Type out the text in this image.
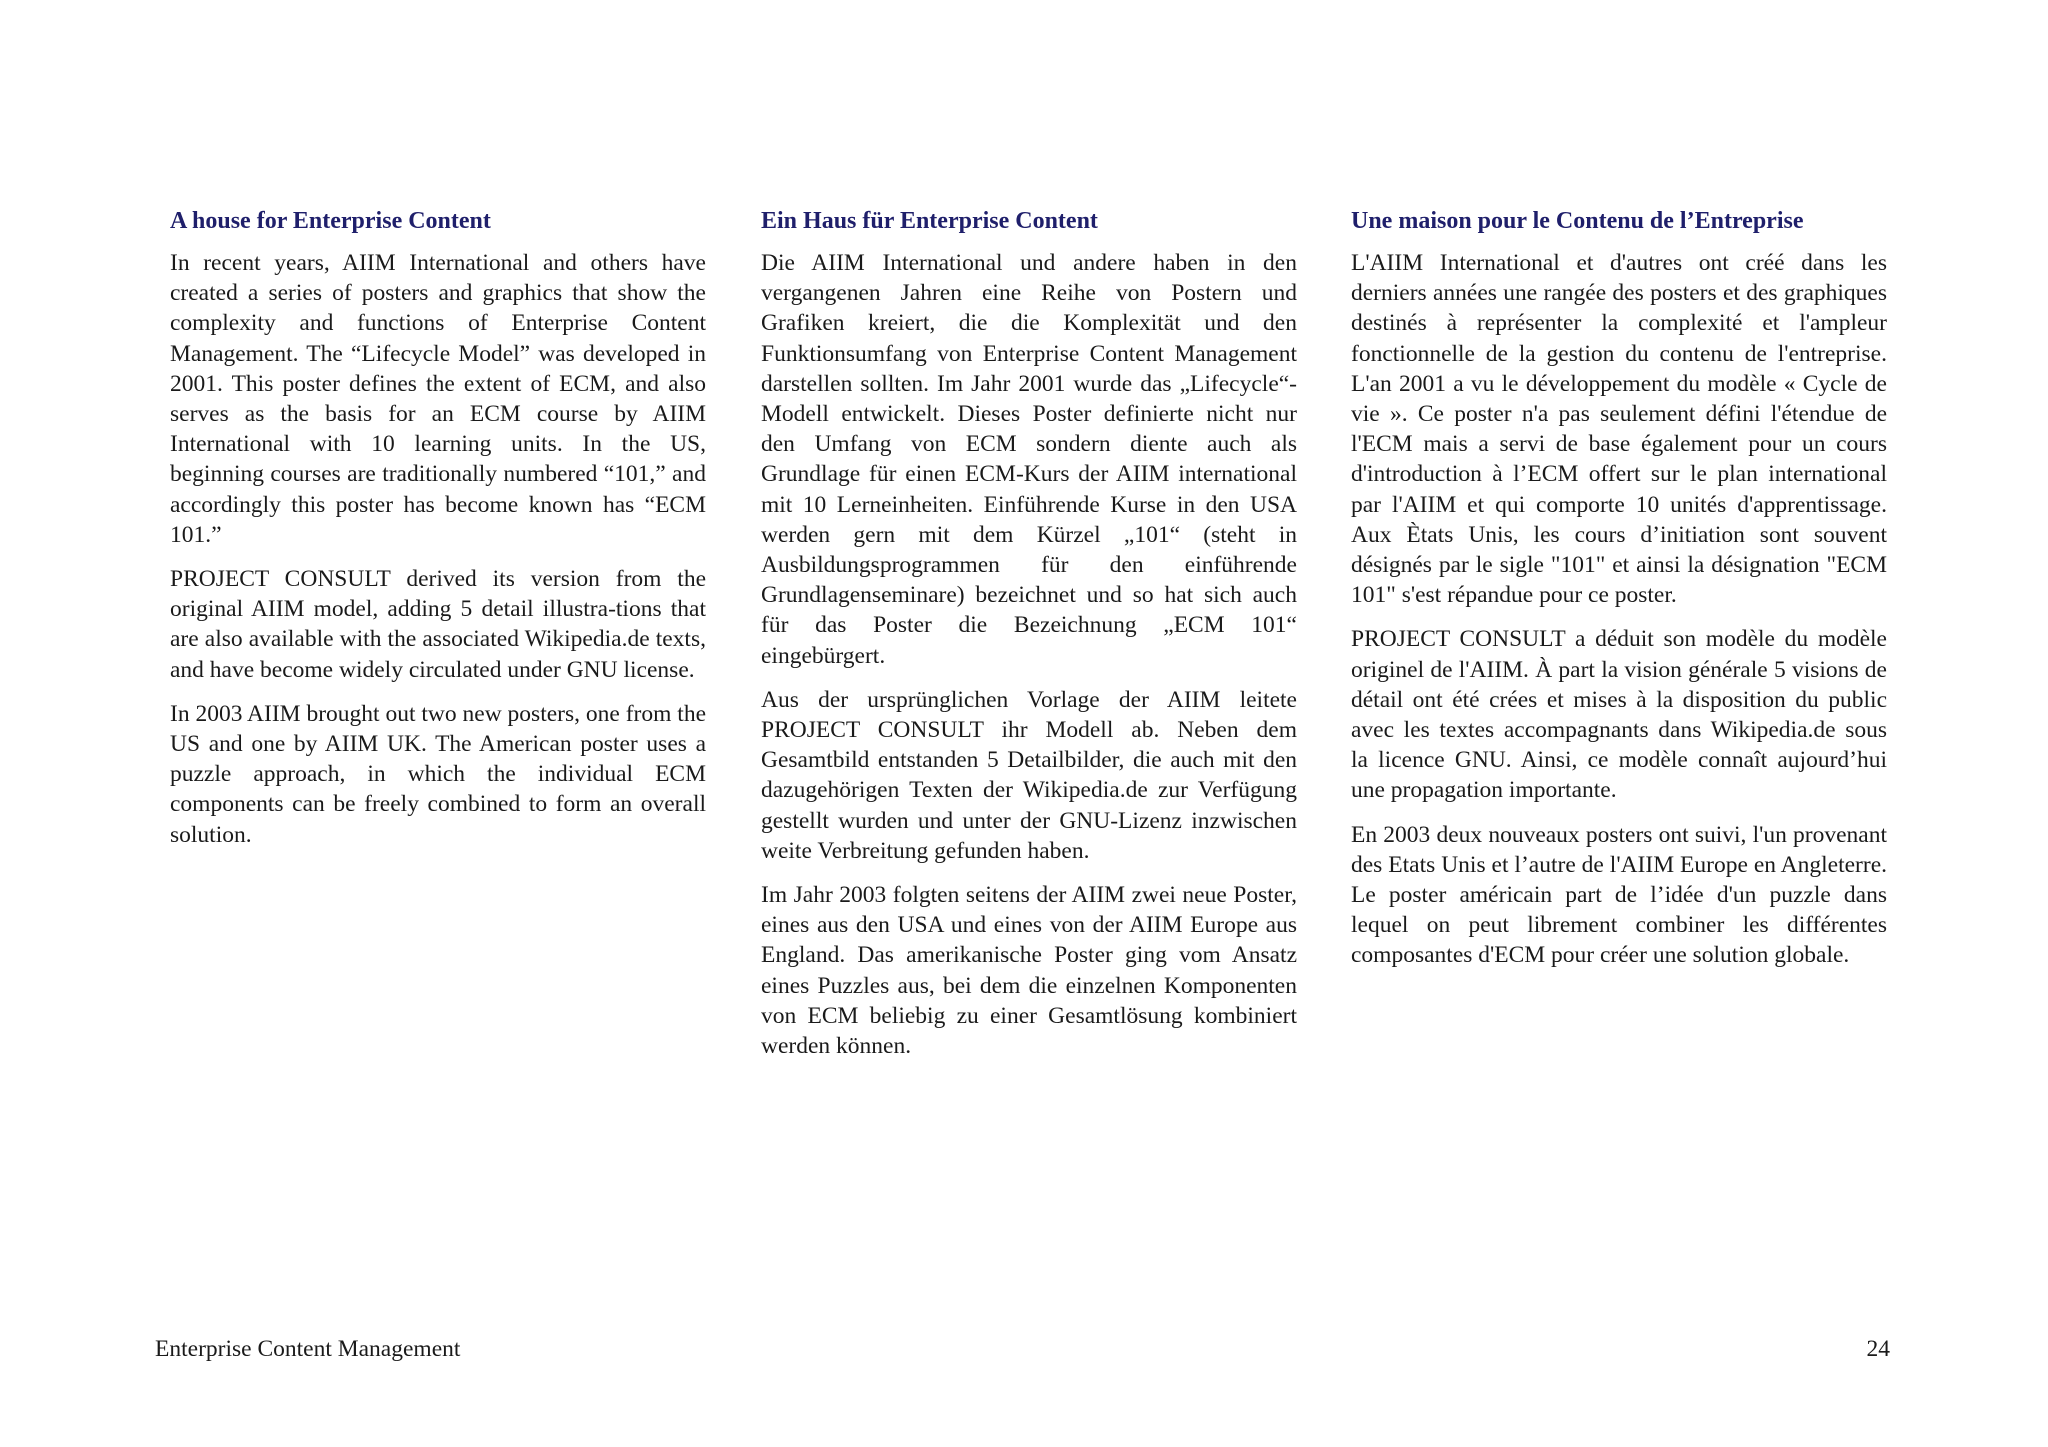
A house for Enterprise Content

In recent years, AIIM International and others have created a series of posters and graphics that show the complexity and functions of Enterprise Content Management. The “Lifecycle Model” was developed in 2001. This poster defines the extent of ECM, and also serves as the basis for an ECM course by AIIM International with 10 learning units. In the US, beginning courses are traditionally numbered “101,” and accordingly this poster has become known has “ECM 101.”

PROJECT CONSULT derived its version from the original AIIM model, adding 5 detail illustra-tions that are also available with the associated Wikipedia.de texts, and have become widely circulated under GNU license.

In 2003 AIIM brought out two new posters, one from the US and one by AIIM UK. The American poster uses a puzzle approach, in which the individual ECM components can be freely combined to form an overall solution.

Ein Haus für Enterprise Content

Die AIIM International und andere haben in den vergangenen Jahren eine Reihe von Postern und Grafiken kreiert, die die Komplexität und den Funktionsumfang von Enterprise Content Management darstellen sollten. Im Jahr 2001 wurde das „Lifecycle“-Modell entwickelt. Dieses Poster definierte nicht nur den Umfang von ECM sondern diente auch als Grundlage für einen ECM-Kurs der AIIM international mit 10 Lerneinheiten. Einführende Kurse in den USA werden gern mit dem Kürzel „101“ (steht in Ausbildungsprogrammen für den einführende Grundlagenseminare) bezeichnet und so hat sich auch für das Poster die Bezeichnung „ECM 101“ eingebürgert.

Aus der ursprünglichen Vorlage der AIIM leitete PROJECT CONSULT ihr Modell ab. Neben dem Gesamtbild entstanden 5 Detailbilder, die auch mit den dazugehörigen Texten der Wikipedia.de zur Verfügung gestellt wurden und unter der GNU-Lizenz inzwischen weite Verbreitung gefunden haben.

Im Jahr 2003 folgten seitens der AIIM zwei neue Poster, eines aus den USA und eines von der AIIM Europe aus England. Das amerikanische Poster ging vom Ansatz eines Puzzles aus, bei dem die einzelnen Komponenten von ECM beliebig zu einer Gesamtlösung kombiniert werden können.

Une maison pour le Contenu de l’Entreprise

L'AIIM International et d'autres ont créé dans les derniers années une rangée des posters et des graphiques destinés à représenter la complexité et l'ampleur fonctionnelle de la gestion du contenu de l'entreprise. L'an 2001 a vu le développement du modèle « Cycle de vie ». Ce poster n'a pas seulement défini l'étendue de l'ECM mais a servi de base également pour un cours d'introduction à l’ECM offert sur le plan international par l'AIIM et qui comporte 10 unités d'apprentissage. Aux Ètats Unis, les cours d’initiation sont souvent désignés par le sigle "101" et ainsi la désignation "ECM 101" s'est répandue pour ce poster.

PROJECT CONSULT a déduit son modèle du modèle originel de l'AIIM. À part la vision générale 5 visions de détail ont été crées et mises à la disposition du public avec les textes accompagnants dans Wikipedia.de sous la licence GNU. Ainsi, ce modèle connaît aujourd’hui une propagation importante.

En 2003 deux nouveaux posters ont suivi, l'un provenant des Etats Unis et l’autre de l'AIIM Europe en Angleterre. Le poster américain part de l’idée d'un puzzle dans lequel on peut librement combiner les différentes composantes d'ECM pour créer une solution globale.

Enterprise Content Management	24
